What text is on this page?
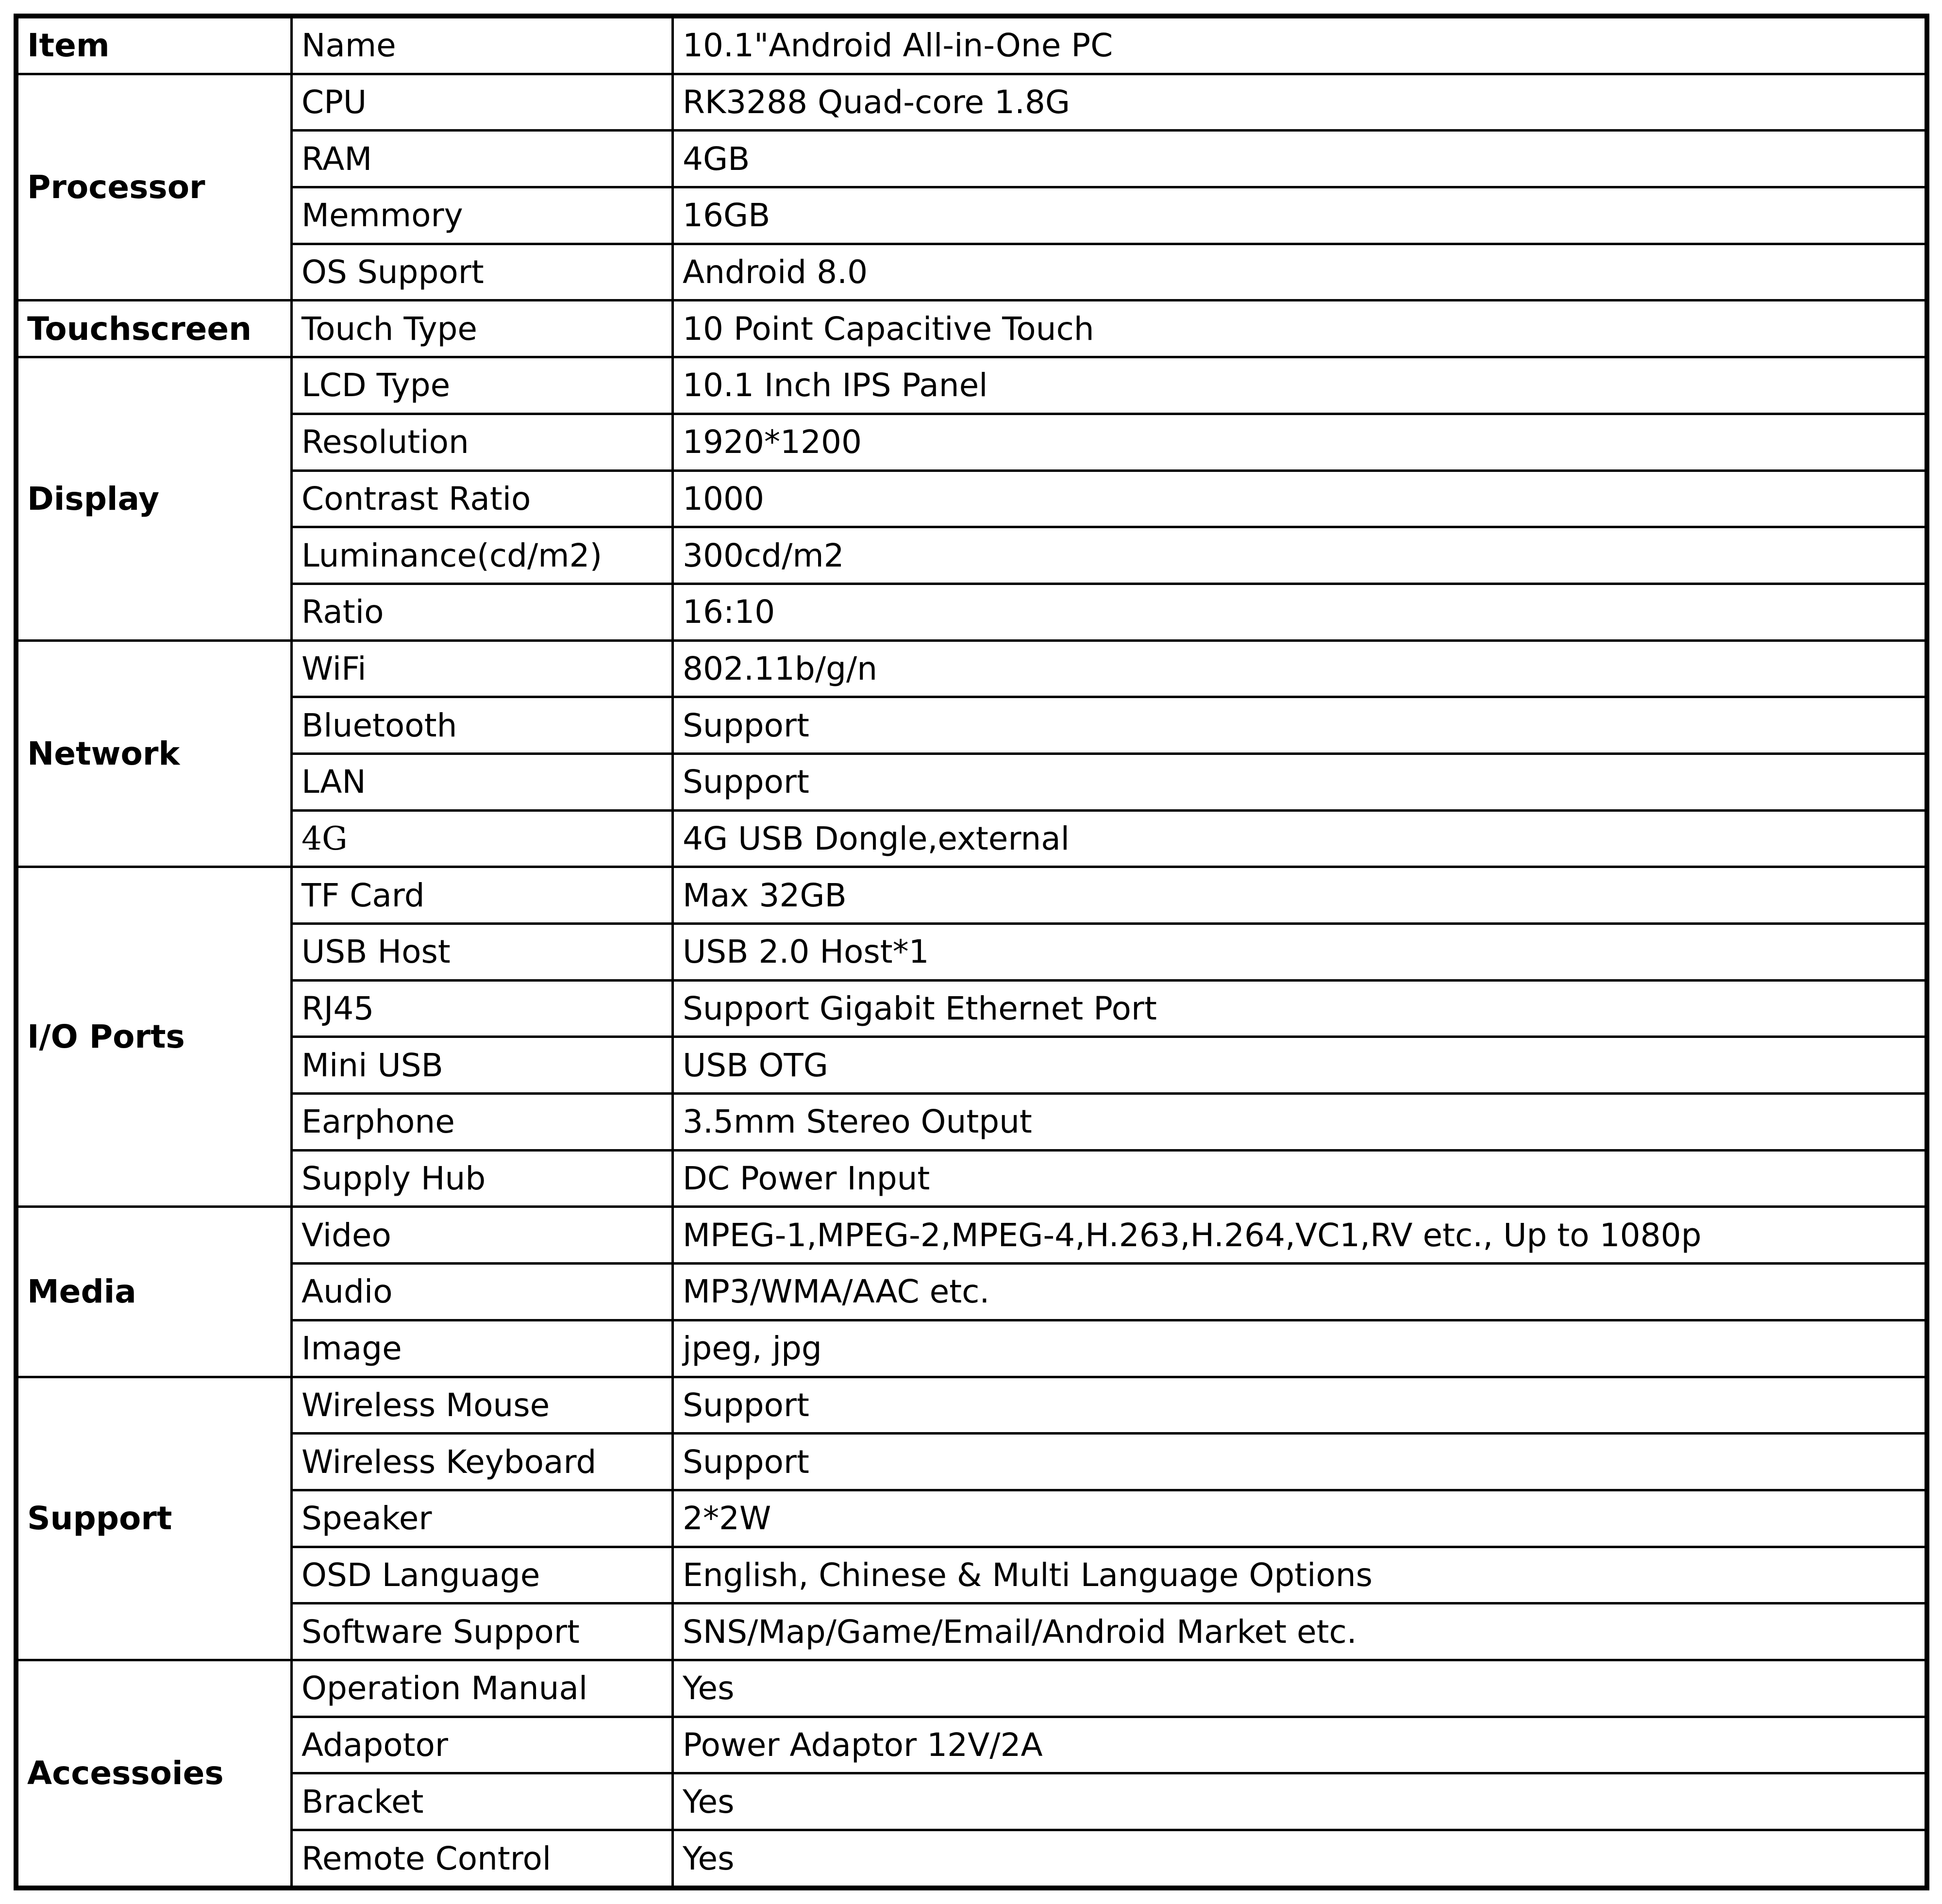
Item	Name	10.1"Android All-in-One PC
Processor	CPU	RK3288 Quad-core 1.8G
	RAM	4GB
	Memmory	16GB
	OS Support	Android 8.0
Touchscreen	Touch Type	10 Point Capacitive Touch
Display	LCD Type	10.1 Inch IPS Panel
	Resolution	1920*1200
	Contrast Ratio	1000
	Luminance(cd/m2)	300cd/m2
	Ratio	16:10
Network	WiFi	802.11b/g/n
	Bluetooth	Support
	LAN	Support
	4G	4G USB Dongle,external
I/O Ports	TF Card	Max 32GB
	USB Host	USB 2.0 Host*1
	RJ45	Support Gigabit Ethernet Port
	Mini USB	USB OTG
	Earphone	3.5mm Stereo Output
	Supply Hub	DC Power Input
Media	Video	MPEG-1,MPEG-2,MPEG-4,H.263,H.264,VC1,RV etc., Up to 1080p
	Audio	MP3/WMA/AAC etc.
	Image	jpeg, jpg
Support	Wireless Mouse	Support
	Wireless Keyboard	Support
	Speaker	2*2W
	OSD Language	English, Chinese & Multi Language Options
	Software Support	SNS/Map/Game/Email/Android Market etc.
Accessoies	Operation Manual	Yes
	Adapotor	Power Adaptor 12V/2A
	Bracket	Yes
	Remote Control	Yes
